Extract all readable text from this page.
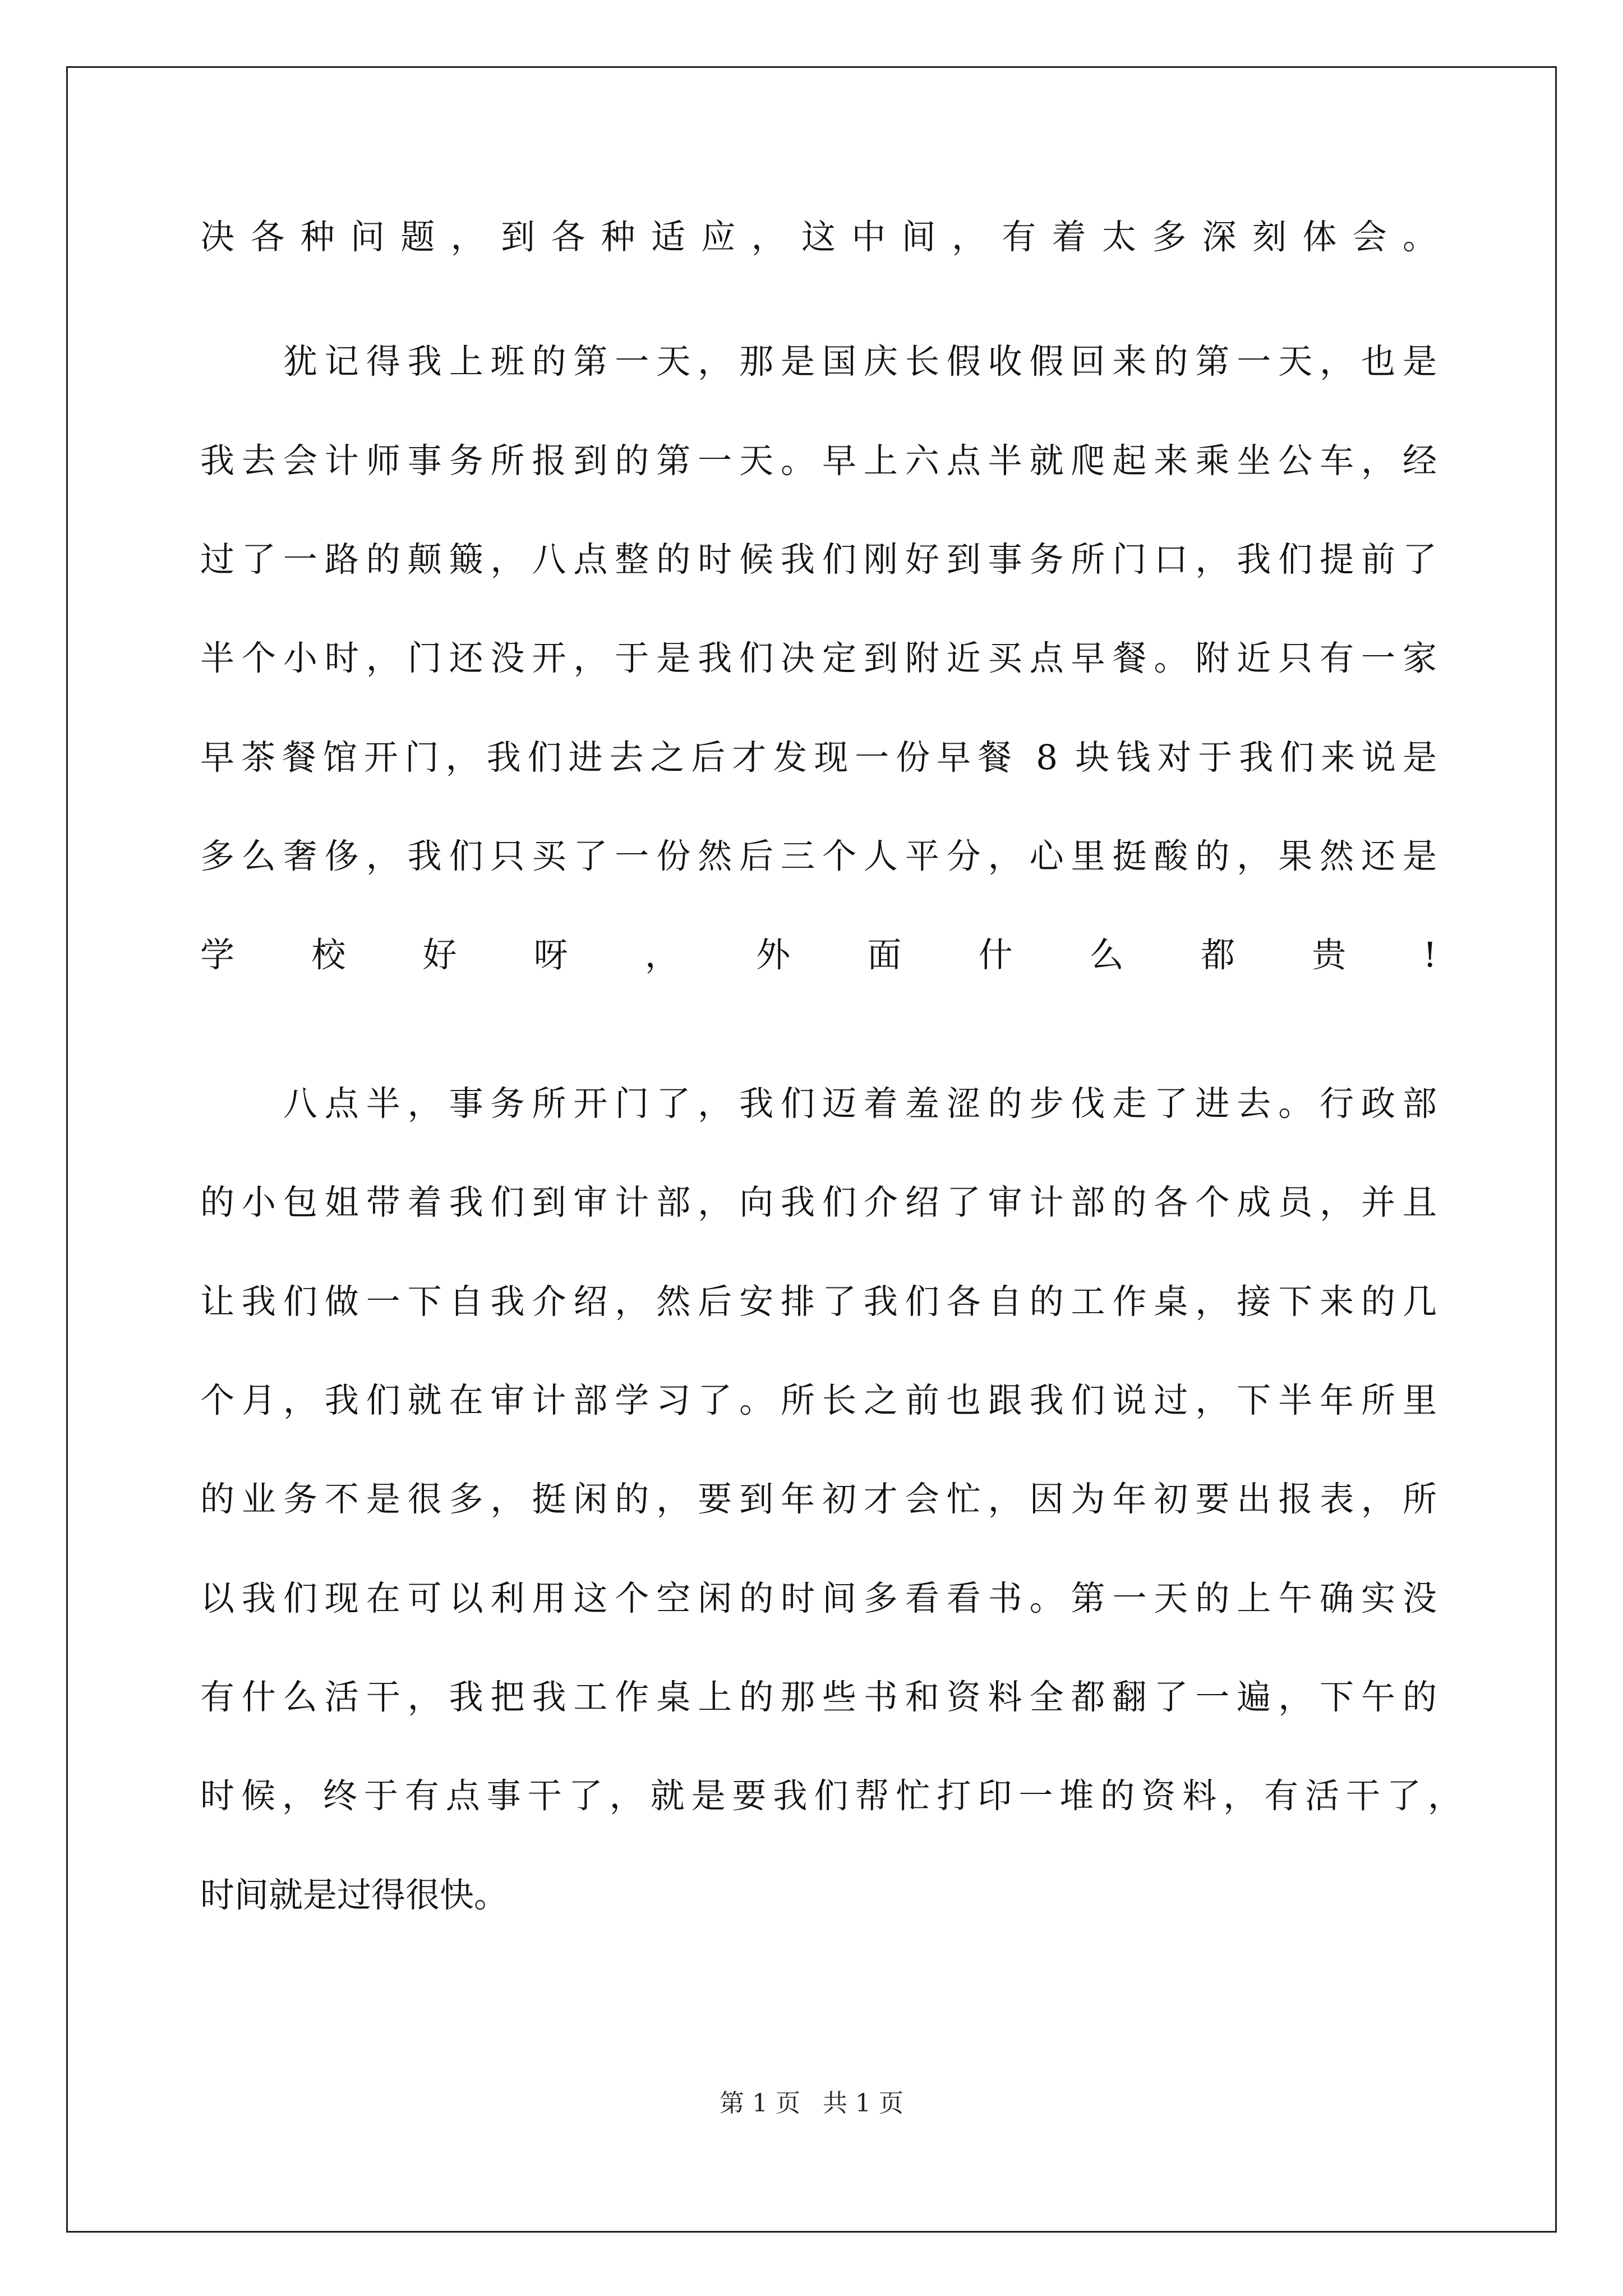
决各种问题，到各种适应，这中间，有着太多深刻体会。
　　犹记得我上班的第一天，那是国庆长假收假回来的第一天，也是
我去会计师事务所报到的第一天。早上六点半就爬起来乘坐公车，经
过了一路的颠簸，八点整的时候我们刚好到事务所门口，我们提前了
半个小时，门还没开，于是我们决定到附近买点早餐。附近只有一家
早茶餐馆开门，我们进去之后才发现一份早餐 8 块钱对于我们来说是
多么奢侈，我们只买了一份然后三个人平分，心里挺酸的，果然还是
学校好呀，外面什么都贵!
　　八点半，事务所开门了，我们迈着羞涩的步伐走了进去。行政部
的小包姐带着我们到审计部，向我们介绍了审计部的各个成员，并且
让我们做一下自我介绍，然后安排了我们各自的工作桌，接下来的几
个月，我们就在审计部学习了。所长之前也跟我们说过，下半年所里
的业务不是很多，挺闲的，要到年初才会忙，因为年初要出报表，所
以我们现在可以利用这个空闲的时间多看看书。第一天的上午确实没
有什么活干，我把我工作桌上的那些书和资料全都翻了一遍，下午的
时候，终于有点事干了，就是要我们帮忙打印一堆的资料，有活干了，
时间就是过得很快。
第 1 页 共 1 页
